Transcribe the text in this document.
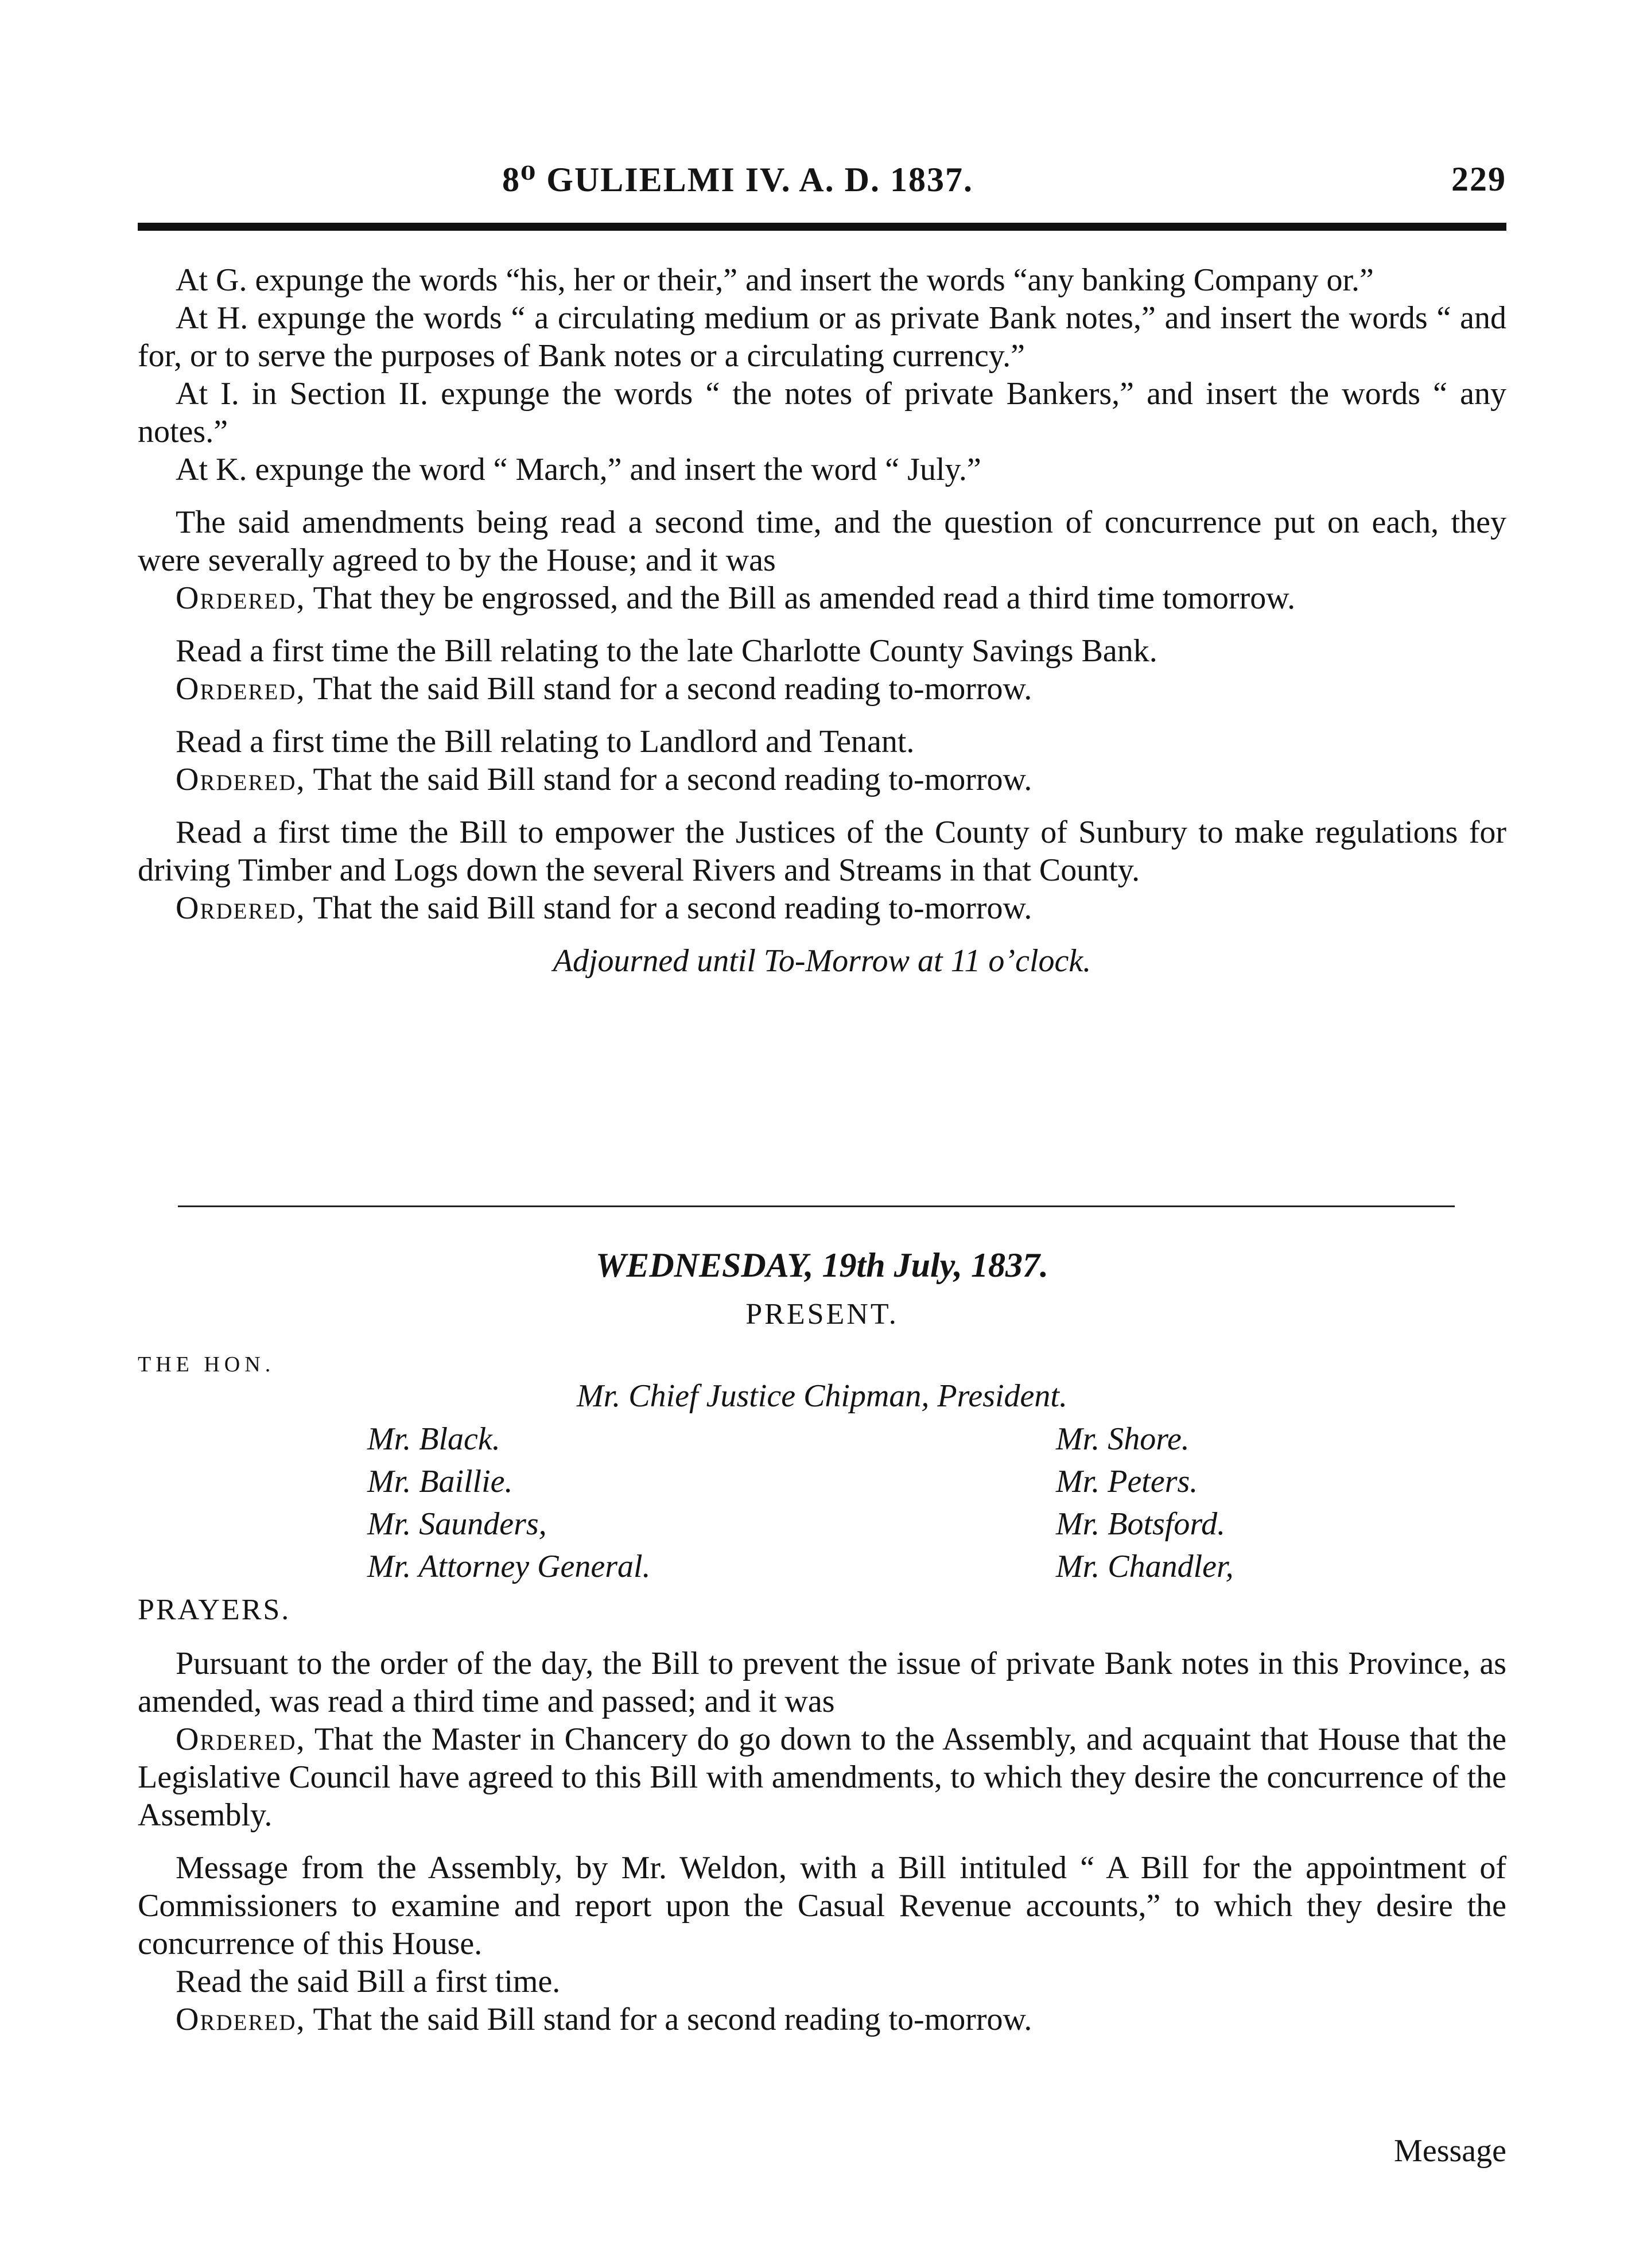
8⁰ GULIELMI IV. A. D. 1837.	229

At G. expunge the words “his, her or their,” and insert the words “any banking Company or.”

At H. expunge the words “ a circulating medium or as private Bank notes,” and insert the words “ and for, or to serve the purposes of Bank notes or a circulating currency.”

At I. in Section II. expunge the words “ the notes of private Bankers,” and insert the words “ any notes.”

At K. expunge the word “ March,” and insert the word “ July.”

The said amendments being read a second time, and the question of concurrence put on each, they were severally agreed to by the House; and it was

Ordered, That they be engrossed, and the Bill as amended read a third time tomorrow.

Read a first time the Bill relating to the late Charlotte County Savings Bank.

Ordered, That the said Bill stand for a second reading to-morrow.

Read a first time the Bill relating to Landlord and Tenant.

Ordered, That the said Bill stand for a second reading to-morrow.

Read a first time the Bill to empower the Justices of the County of Sunbury to make regulations for driving Timber and Logs down the several Rivers and Streams in that County.

Ordered, That the said Bill stand for a second reading to-morrow.

Adjourned until To-Morrow at 11 o’clock.

WEDNESDAY, 19th July, 1837.
PRESENT.
THE HON.
Mr. Chief Justice Chipman, President.
Mr. Black.
Mr. Baillie.
Mr. Saunders,
Mr. Attorney General.
Mr. Shore.
Mr. Peters.
Mr. Botsford.
Mr. Chandler,
PRAYERS.

Pursuant to the order of the day, the Bill to prevent the issue of private Bank notes in this Province, as amended, was read a third time and passed; and it was

Ordered, That the Master in Chancery do go down to the Assembly, and acquaint that House that the Legislative Council have agreed to this Bill with amendments, to which they desire the concurrence of the Assembly.

Message from the Assembly, by Mr. Weldon, with a Bill intituled “ A Bill for the appointment of Commissioners to examine and report upon the Casual Revenue accounts,” to which they desire the concurrence of this House.

Read the said Bill a first time.

Ordered, That the said Bill stand for a second reading to-morrow.

Message
